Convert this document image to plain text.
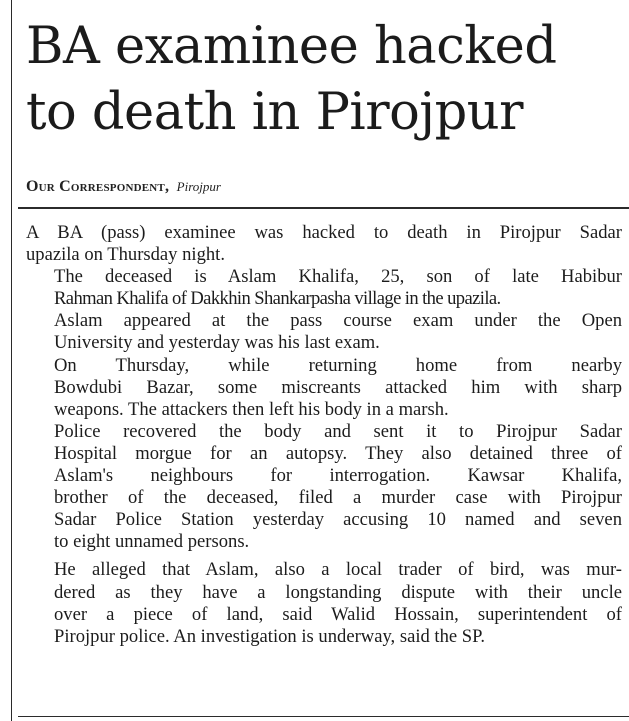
BA examinee hacked
to death in Pirojpur
Our Correspondent, Pirojpur

A BA (pass) examinee was hacked to death in Pirojpur Sadar
upazila on Thursday night.

The deceased is Aslam Khalifa, 25, son of late Habibur
Rahman Khalifa of Dakkhin Shankarpasha village in the upazila.

Aslam appeared at the pass course exam under the Open
University and yesterday was his last exam.

On Thursday, while returning home from nearby
Bowdubi Bazar, some miscreants attacked him with sharp
weapons. The attackers then left his body in a marsh.

Police recovered the body and sent it to Pirojpur Sadar
Hospital morgue for an autopsy. They also detained three of
Aslam's neighbours for interrogation. Kawsar Khalifa,
brother of the deceased, filed a murder case with Pirojpur
Sadar Police Station yesterday accusing 10 named and seven
to eight unnamed persons.

He alleged that Aslam, also a local trader of bird, was mur-
dered as they have a longstanding dispute with their uncle
over a piece of land, said Walid Hossain, superintendent of
Pirojpur police. An investigation is underway, said the SP.
